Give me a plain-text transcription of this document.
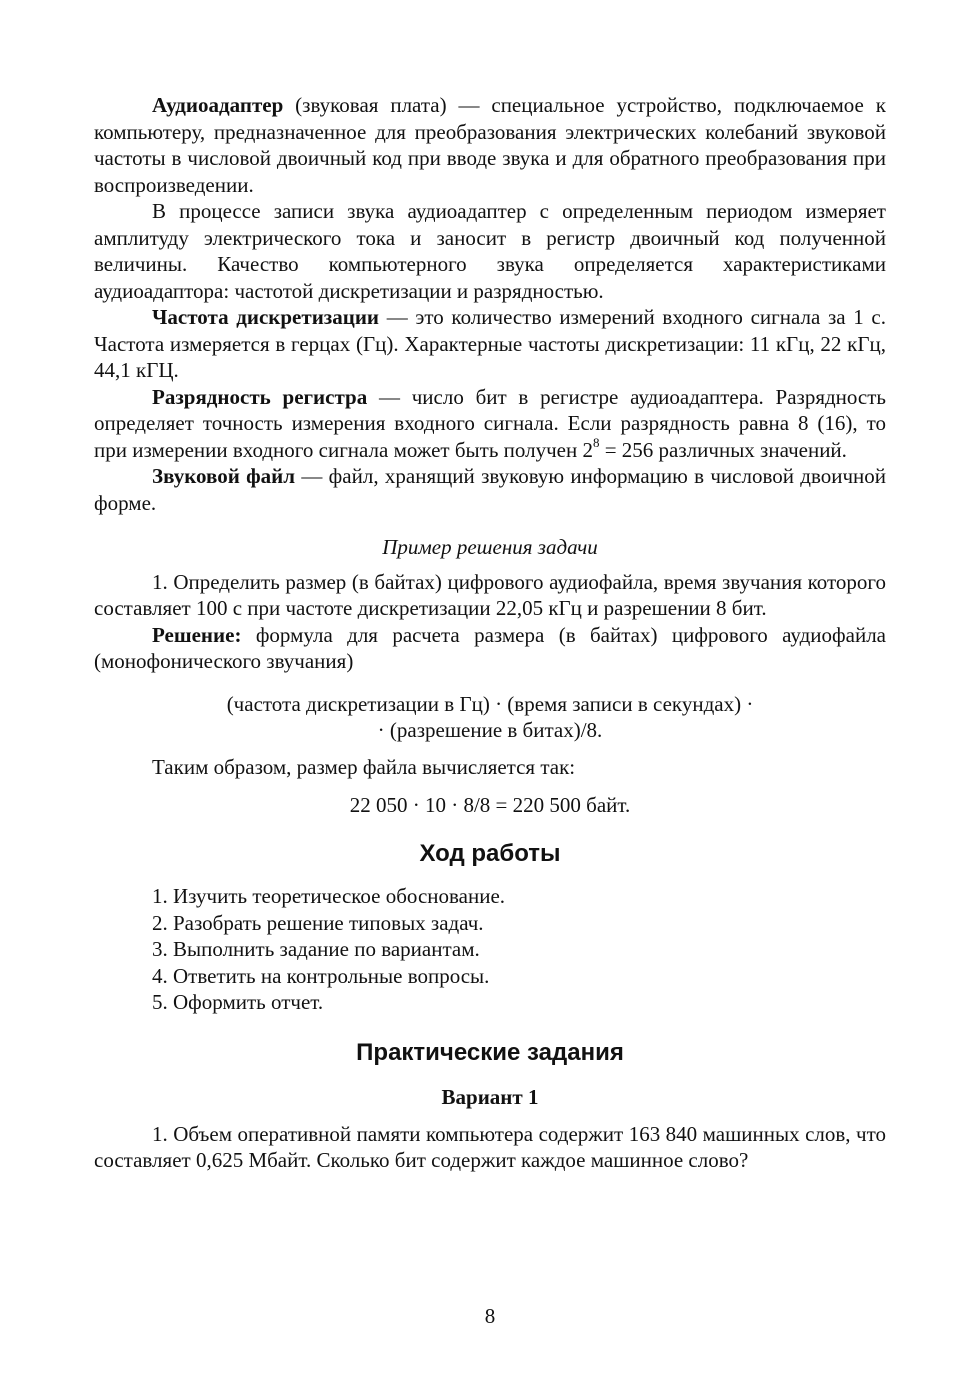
Аудиоадаптер (звуковая плата) — специальное устройство, подключаемое к компьютеру, предназначенное для преобразования электрических колебаний звуковой частоты в числовой двоичный код при вводе звука и для обратного преобразования при воспроизведении.

В процессе записи звука аудиоадаптер с определенным периодом измеряет амплитуду электрического тока и заносит в регистр двоичный код полученной величины. Качество компьютерного звука определяется характеристиками аудиоадаптора: частотой дискретизации и разрядностью.

Частота дискретизации — это количество измерений входного сигнала за 1 с. Частота измеряется в герцах (Гц). Характерные частоты дискретизации: 11 кГц, 22 кГц, 44,1 кГЦ.

Разрядность регистра — число бит в регистре аудиоадаптера. Разрядность определяет точность измерения входного сигнала. Если разрядность равна 8 (16), то при измерении входного сигнала может быть получен $2^8 = 256$ различных значений.

Звуковой файл — файл, хранящий звуковую информацию в числовой двоичной форме.

Пример решения задачи

1. Определить размер (в байтах) цифрового аудиофайла, время звучания которого составляет 100 с при частоте дискретизации 22,05 кГц и разрешении 8 бит.

Решение: формула для расчета размера (в байтах) цифрового аудиофайла (монофонического звучания)

(частота дискретизации в Гц) · (время записи в секундах) ·

· (разрешение в битах)/8.

Таким образом, размер файла вычисляется так:

22 050 · 10 · 8/8 = 220 500 байт.

Ход работы
1. Изучить теоретическое обоснование.
2. Разобрать решение типовых задач.
3. Выполнить задание по вариантам.
4. Ответить на контрольные вопросы.
5. Оформить отчет.
Практические задания

Вариант 1

1. Объем оперативной памяти компьютера содержит 163 840 машинных слов, что составляет 0,625 Мбайт. Сколько бит содержит каждое машинное слово?

8
